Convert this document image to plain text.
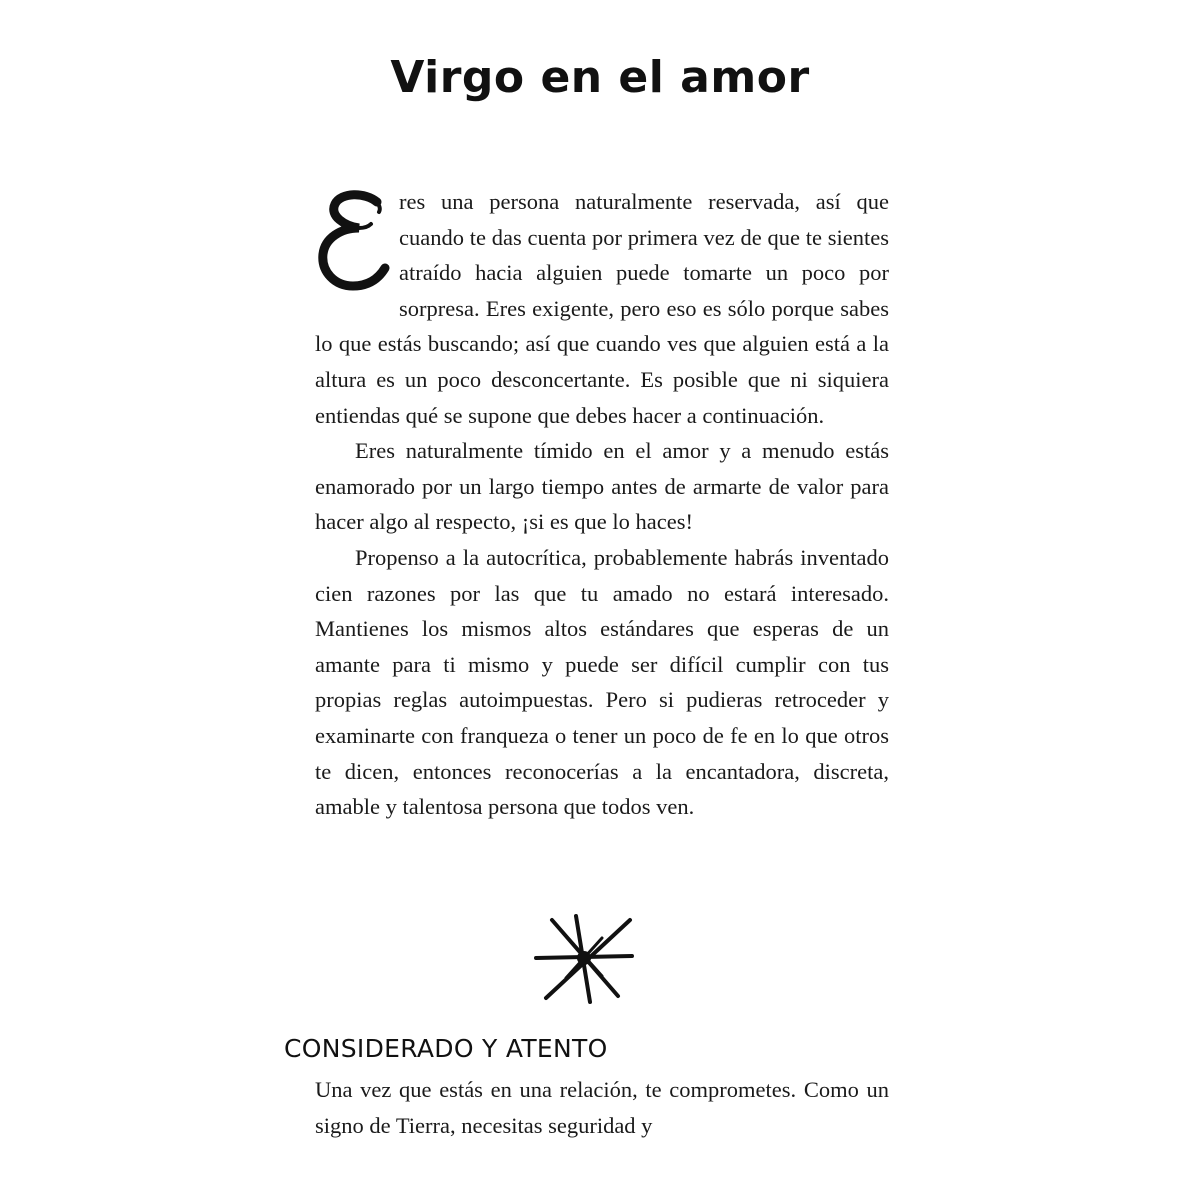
Virgo en el amor

res una persona naturalmente reservada, así que cuando te das cuenta por primera vez de que te sientes atraído hacia alguien puede tomarte un poco por sorpresa. Eres exigente, pero eso es sólo porque sabes lo que estás buscando; así que cuando ves que alguien está a la altura es un poco desconcertante. Es posible que ni siquiera entiendas qué se supone que debes hacer a continuación.

Eres naturalmente tímido en el amor y a menudo estás enamorado por un largo tiempo antes de armarte de valor para hacer algo al respecto, ¡si es que lo haces!

Propenso a la autocrítica, probablemente habrás inventado cien razones por las que tu amado no estará interesado. Mantienes los mismos altos estándares que esperas de un amante para ti mismo y puede ser difícil cumplir con tus propias reglas autoimpuestas. Pero si pudieras retroceder y examinarte con franqueza o tener un poco de fe en lo que otros te dicen, entonces reconocerías a la encantadora, discreta, amable y talentosa persona que todos ven.

CONSIDERADO Y ATENTO

Una vez que estás en una relación, te comprometes. Como un signo de Tierra, necesitas seguridad y
